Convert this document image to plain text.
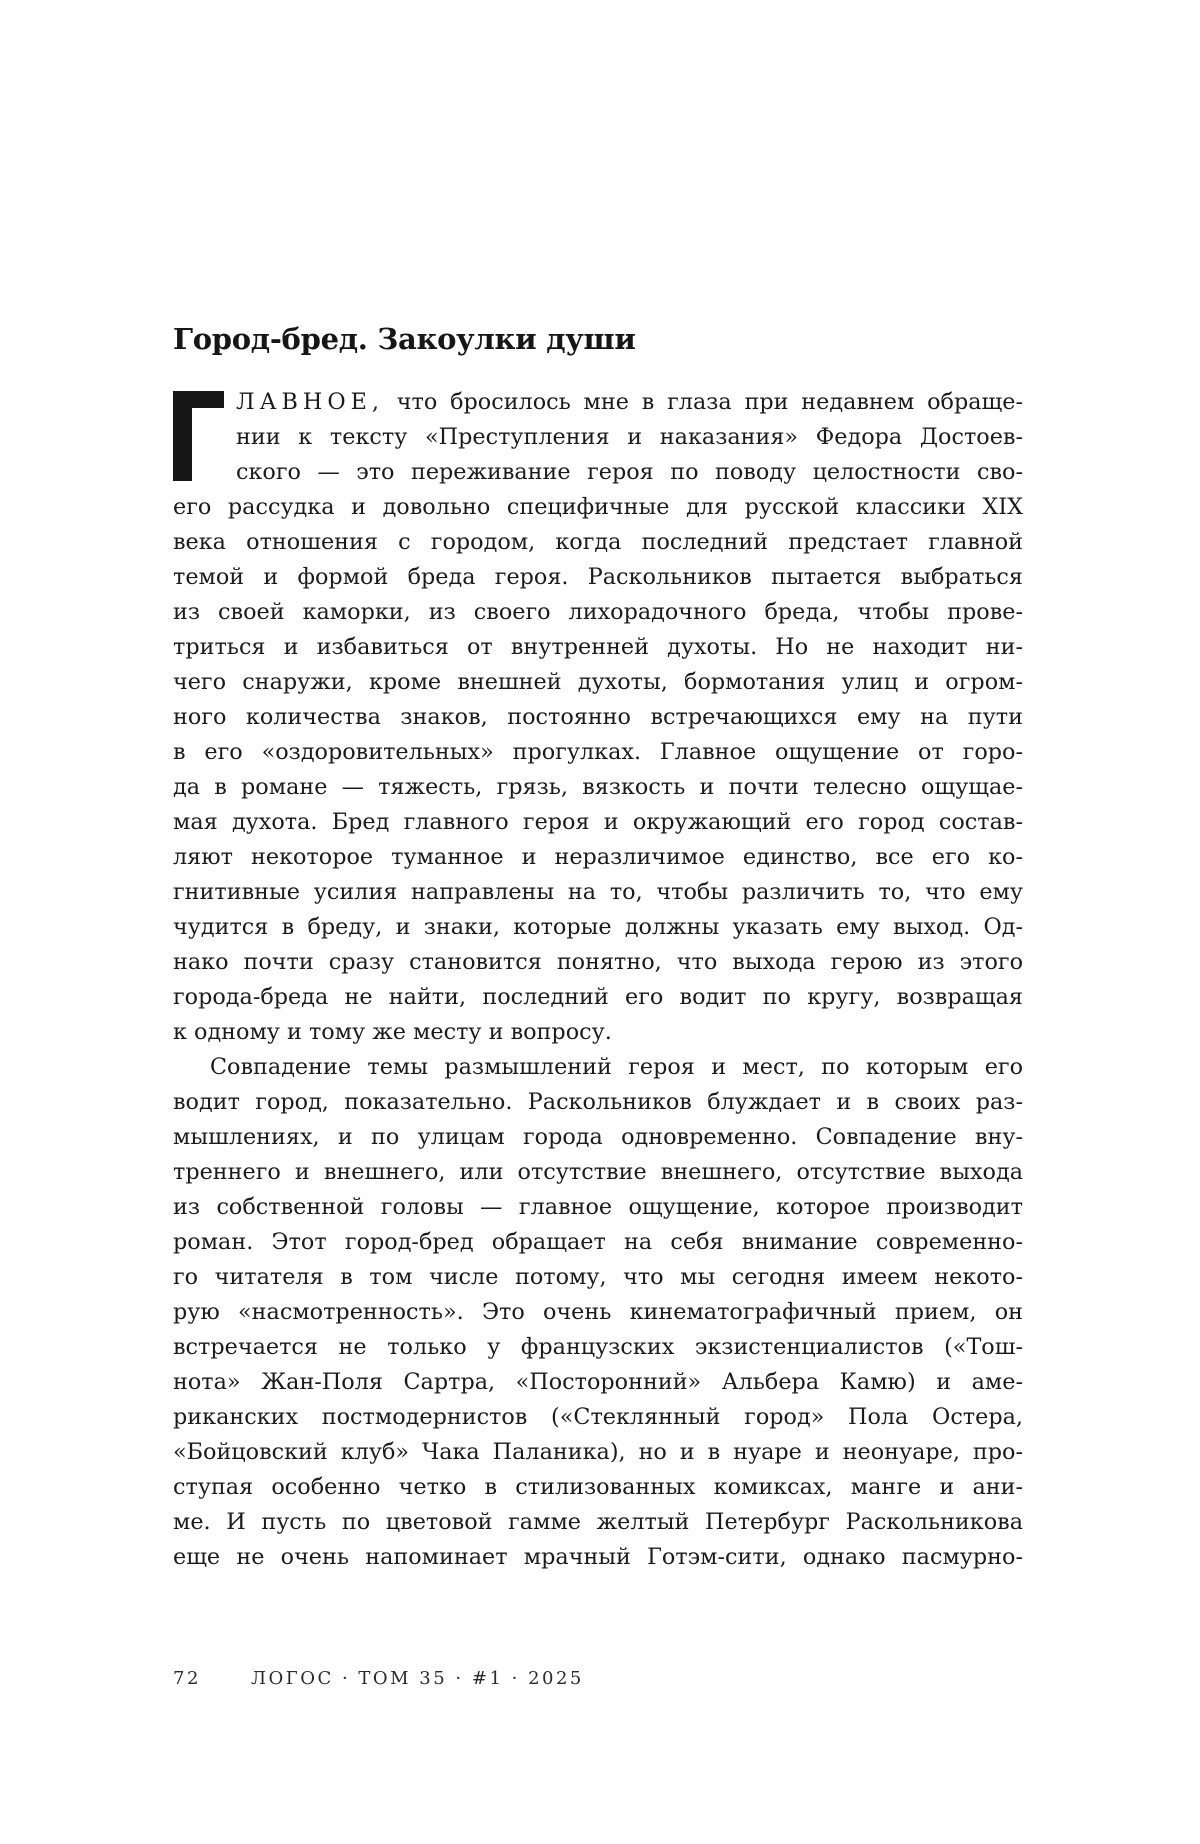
Город-бред. Закоулки души
ЛАВНОЕ, что бросилось мне в глаза при недавнем обраще-
нии к тексту «Преступления и наказания» Федора Достоев-
ского — это переживание героя по поводу целостности сво-
его рассудка и довольно специфичные для русской классики XIX
века отношения с городом, когда последний предстает главной
темой и формой бреда героя. Раскольников пытается выбраться
из своей каморки, из своего лихорадочного бреда, чтобы прове-
триться и избавиться от внутренней духоты. Но не находит ни-
чего снаружи, кроме внешней духоты, бормотания улиц и огром-
ного количества знаков, постоянно встречающихся ему на пути
в его «оздоровительных» прогулках. Главное ощущение от горо-
да в романе — тяжесть, грязь, вязкость и почти телесно ощущае-
мая духота. Бред главного героя и окружающий его город состав-
ляют некоторое туманное и неразличимое единство, все его ко-
гнитивные усилия направлены на то, чтобы различить то, что ему
чудится в бреду, и знаки, которые должны указать ему выход. Од-
нако почти сразу становится понятно, что выхода герою из этого
города-бреда не найти, последний его водит по кругу, возвращая
к одному и тому же месту и вопросу.
Совпадение темы размышлений героя и мест, по которым его
водит город, показательно. Раскольников блуждает и в своих раз-
мышлениях, и по улицам города одновременно. Совпадение вну-
треннего и внешнего, или отсутствие внешнего, отсутствие выхода
из собственной головы — главное ощущение, которое производит
роман. Этот город-бред обращает на себя внимание современно-
го читателя в том числе потому, что мы сегодня имеем некото-
рую «насмотренность». Это очень кинематографичный прием, он
встречается не только у французских экзистенциалистов («Тош-
нота» Жан-Поля Сартра, «Посторонний» Альбера Камю) и аме-
риканских постмодернистов («Стеклянный город» Пола Остера,
«Бойцовский клуб» Чака Паланика), но и в нуаре и неонуаре, про-
ступая особенно четко в стилизованных комиксах, манге и ани-
ме. И пусть по цветовой гамме желтый Петербург Раскольникова
еще не очень напоминает мрачный Готэм-сити, однако пасмурно-
72	ЛОГОС · ТОМ 35 · #1 · 2025
